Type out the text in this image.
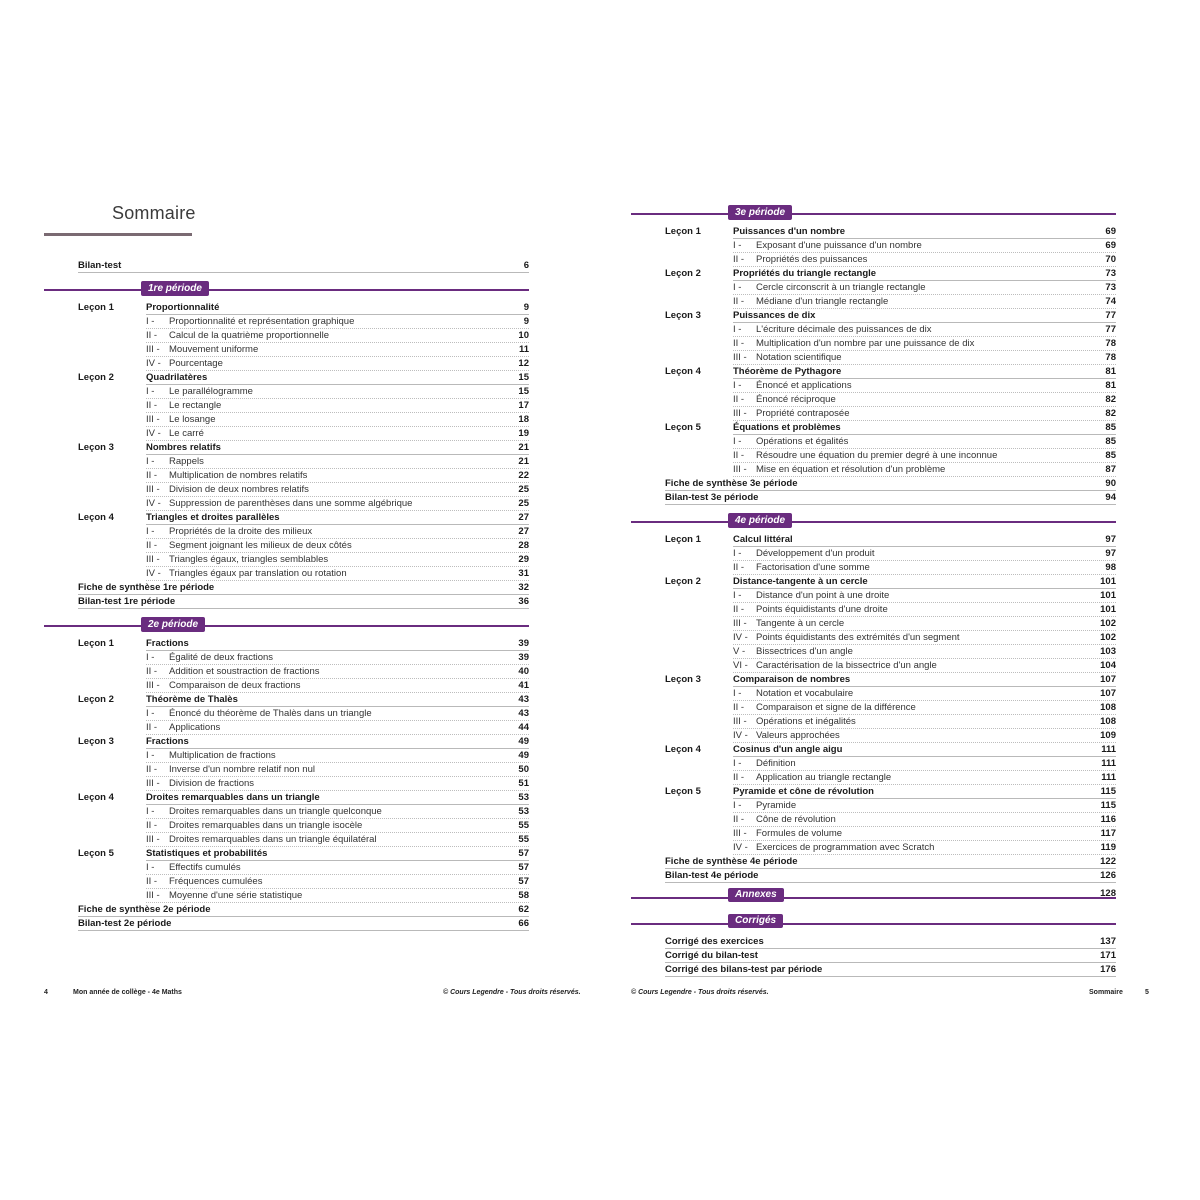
Sommaire
Bilan-test	6
1re période
Leçon 1	Proportionnalité	9
I - Proportionnalité et représentation graphique	9
II - Calcul de la quatrième proportionnelle	10
III - Mouvement uniforme	11
IV - Pourcentage	12
Leçon 2	Quadrilatères	15
I - Le parallélogramme	15
II - Le rectangle	17
III - Le losange	18
IV - Le carré	19
Leçon 3	Nombres relatifs	21
I - Rappels	21
II - Multiplication de nombres relatifs	22
III - Division de deux nombres relatifs	25
IV - Suppression de parenthèses dans une somme algébrique	25
Leçon 4	Triangles et droites parallèles	27
I - Propriétés de la droite des milieux	27
II - Segment joignant les milieux de deux côtés	28
III - Triangles égaux, triangles semblables	29
IV - Triangles égaux par translation ou rotation	31
Fiche de synthèse 1re période	32
Bilan-test 1re période	36
2e période
Leçon 1	Fractions	39
I - Égalité de deux fractions	39
II - Addition et soustraction de fractions	40
III - Comparaison de deux fractions	41
Leçon 2	Théorème de Thalès	43
I - Énoncé du théorème de Thalès dans un triangle	43
II - Applications	44
Leçon 3	Fractions	49
I - Multiplication de fractions	49
II - Inverse d'un nombre relatif non nul	50
III - Division de fractions	51
Leçon 4	Droites remarquables dans un triangle	53
I - Droites remarquables dans un triangle quelconque	53
II - Droites remarquables dans un triangle isocèle	55
III - Droites remarquables dans un triangle équilatéral	55
Leçon 5	Statistiques et probabilités	57
I - Effectifs cumulés	57
II - Fréquences cumulées	57
III - Moyenne d'une série statistique	58
Fiche de synthèse 2e période	62
Bilan-test 2e période	66
4	Mon année de collège - 4e Maths	© Cours Legendre - Tous droits réservés.
3e période
Leçon 1	Puissances d'un nombre	69
I - Exposant d'une puissance d'un nombre	69
II - Propriétés des puissances	70
Leçon 2	Propriétés du triangle rectangle	73
I - Cercle circonscrit à un triangle rectangle	73
II - Médiane d'un triangle rectangle	74
Leçon 3	Puissances de dix	77
I - L'écriture décimale des puissances de dix	77
II - Multiplication d'un nombre par une puissance de dix	78
III - Notation scientifique	78
Leçon 4	Théorème de Pythagore	81
I - Énoncé et applications	81
II - Énoncé réciproque	82
III - Propriété contraposée	82
Leçon 5	Équations et problèmes	85
I - Opérations et égalités	85
II - Résoudre une équation du premier degré à une inconnue	85
III - Mise en équation et résolution d'un problème	87
Fiche de synthèse 3e période	90
Bilan-test 3e période	94
4e période
Leçon 1	Calcul littéral	97
I - Développement d'un produit	97
II - Factorisation d'une somme	98
Leçon 2	Distance-tangente à un cercle	101
I - Distance d'un point à une droite	101
II - Points équidistants d'une droite	101
III - Tangente à un cercle	102
IV - Points équidistants des extrémités d'un segment	102
V - Bissectrices d'un angle	103
VI - Caractérisation de la bissectrice d'un angle	104
Leçon 3	Comparaison de nombres	107
I - Notation et vocabulaire	107
II - Comparaison et signe de la différence	108
III - Opérations et inégalités	108
IV - Valeurs approchées	109
Leçon 4	Cosinus d'un angle aigu	111
I - Définition	111
II - Application au triangle rectangle	111
Leçon 5	Pyramide et cône de révolution	115
I - Pyramide	115
II - Cône de révolution	116
III - Formules de volume	117
IV - Exercices de programmation avec Scratch	119
Fiche de synthèse 4e période	122
Bilan-test 4e période	126
Annexes	128
Corrigés
Corrigé des exercices	137
Corrigé du bilan-test	171
Corrigé des bilans-test par période	176
© Cours Legendre - Tous droits réservés.	Sommaire	5
